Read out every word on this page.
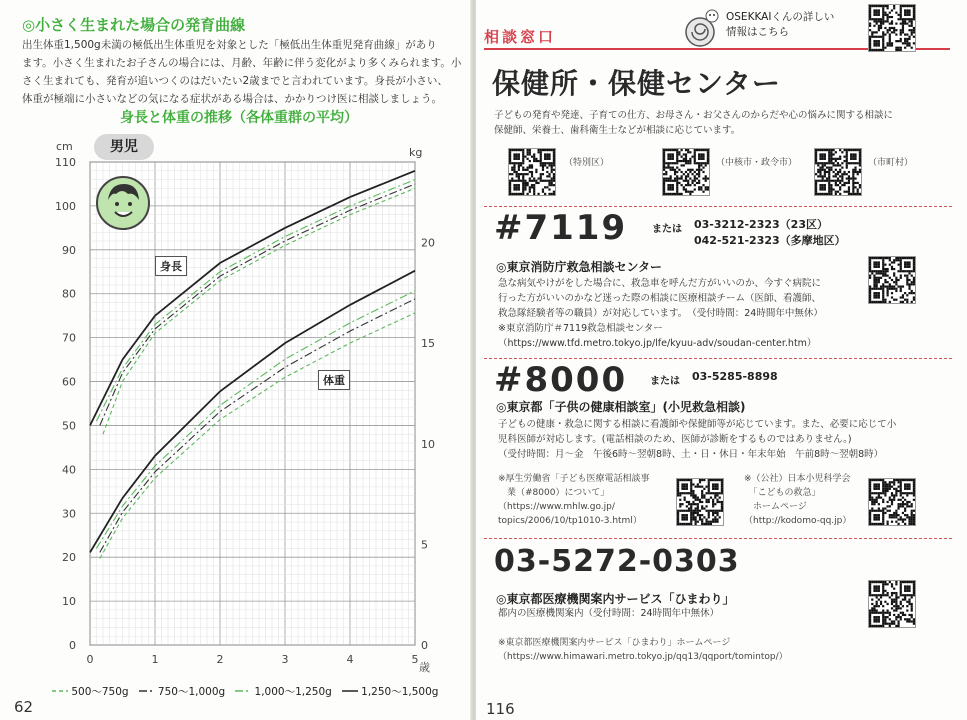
◎小さく生まれた場合の発育曲線
出生体重1,500g未満の極低出生体重児を対象とした「極低出生体重児発育曲線」があり
ます。小さく生まれたお子さんの場合には、月齢、年齢に伴う変化がより多くみられます。小
さく生まれても、発育が追いつくのはだいたい2歳までと言われています。身長が小さい、
体重が極端に小さいなどの気になる症状がある場合は、かかりつけ医に相談しましょう。
身長と体重の推移（各体重群の平均）
0
10
20
30
40
50
60
70
80
90
100
110
cm
0
5
10
15
20
kg
0	1	2	3	4	5
歳
男児
身長
体重
500〜750g 750〜1,000g 1,000〜1,250g 1,250〜1,500g
62
相談窓口
OSEKKAIくんの詳しい
情報はこちら
保健所・保健センター
子どもの発育や発達、子育ての仕方、お母さん・お父さんのからだや心の悩みに関する相談に
保健師、栄養士、歯科衛生士などが相談に応じています。
（特別区）	（中核市・政令市）	（市町村）
#7119 または 03-3212-2323（23区）
042-521-2323（多摩地区）
◎東京消防庁救急相談センター
急な病気やけがをした場合に、救急車を呼んだ方がいいのか、今すぐ病院に
行った方がいいのかなど迷った際の相談に医療相談チーム（医師、看護師、
救急隊経験者等の職員）が対応しています。　（受付時間：24時間年中無休）
※東京消防庁＃7119救急相談センター
（https://www.tfd.metro.tokyo.jp/lfe/kyuu-adv/soudan-center.htm）
#8000 または 03-5285-8898
◎東京都「子供の健康相談室」(小児救急相談)
子どもの健康・救急に関する相談に看護師や保健師等が応じています。また、必要に応じて小
児科医師が対応します。(電話相談のため、医師が診断をするものではありません。)
（受付時間：月〜金　午後6時〜翌朝8時、土・日・休日・年末年始　午前8時〜翌朝8時）
※厚生労働省「子ども医療電話相談事
　業（#8000）について」
（https://www.mhlw.go.jp/
topics/2006/10/tp1010-3.html）
※（公社）日本小児科学会
　「こどもの救急」
　ホームページ
（http://kodomo-qq.jp）
03-5272-0303
◎東京都医療機関案内サービス「ひまわり」
都内の医療機関案内（受付時間：24時間年中無休）
※東京都医療機関案内サービス「ひまわり」ホームページ
（https://www.himawari.metro.tokyo.jp/qq13/qqport/tomintop/）
116
